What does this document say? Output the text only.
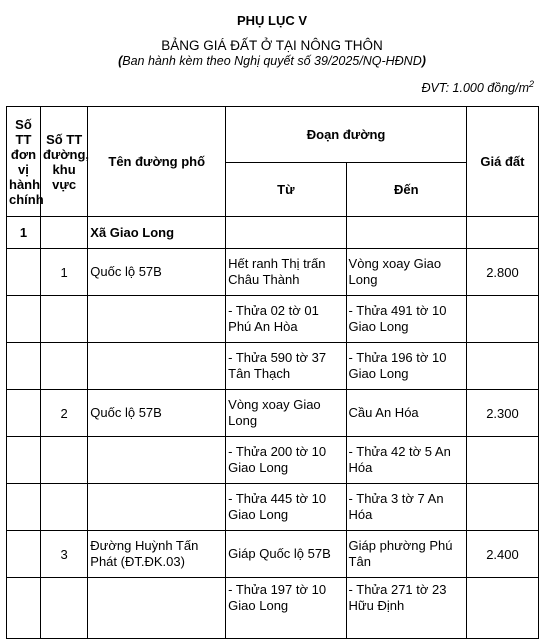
PHỤ LỤC V
BẢNG GIÁ ĐẤT Ở TẠI NÔNG THÔN
(Ban hành kèm theo Nghị quyết số 39/2025/NQ-HĐND)
ĐVT: 1.000 đồng/$m^2$
Số TT đơn vị hành chính	Số TT đường, khu vực	Tên đường phố	Đoạn đường		Giá đất
			Từ	Đến	
1		Xã Giao Long			
	1	Quốc lộ 57B	Hết ranh Thị trấn Châu Thành	Vòng xoay Giao Long	2.800
			- Thửa 02 tờ 01 Phú An Hòa	- Thửa 491 tờ 10 Giao Long	
			- Thửa 590 tờ 37 Tân Thạch	- Thửa 196 tờ 10 Giao Long	
	2	Quốc lộ 57B	Vòng xoay Giao Long	Cầu An Hóa	2.300
			- Thửa 200 tờ 10 Giao Long	- Thửa 42 tờ 5 An Hóa	
			- Thửa 445 tờ 10 Giao Long	- Thửa 3 tờ 7 An Hóa	
	3	Đường Huỳnh Tấn Phát (ĐT.ĐK.03)	Giáp Quốc lộ 57B	Giáp phường Phú Tân	2.400
			- Thửa 197 tờ 10 Giao Long	- Thửa 271 tờ 23 Hữu Định	
